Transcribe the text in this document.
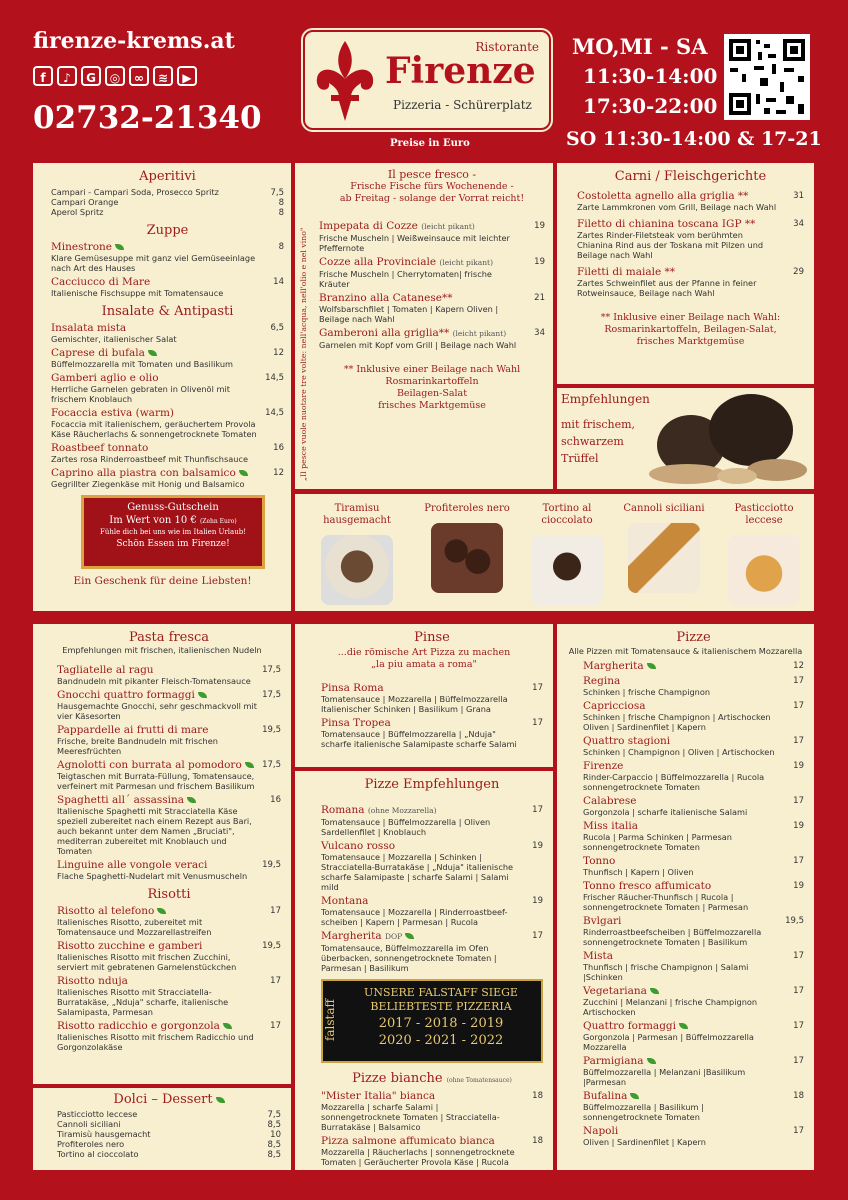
firenze-krems.at
f ♪ G ◎ ∞ ≋ ▶
02732-21340
Ristorante
Firenze
Pizzeria - Schürerplatz
Preise in Euro
MO,MI - SA
11:30-14:00
17:30-22:00
SO 11:30-14:00 & 17-21
Aperitivi
Campari - Campari Soda, Prosecco Spritz	7,5
Campari Orange	8
Aperol Spritz	8
Zuppe
Minestrone
Klare Gemüsesuppe mit ganz viel Gemüseeinlage nach Art des Hauses
8
Cacciucco di Mare
Italienische Fischsuppe mit Tomatensauce
14
Insalate & Antipasti
Insalata mista
Gemischter, italienischer Salat
6,5
Caprese di bufala
Büffelmozzarella mit Tomaten und Basilikum
12
Gamberi aglio e olio
Herrliche Garnelen gebraten in Olivenöl mit frischem Knoblauch
14,5
Focaccia estiva (warm)
Focaccia mit italienischem, geräuchertem Provola Käse Räucherlachs & sonnengetrocknete Tomaten
14,5
Roastbeef tonnato
Zartes rosa Rinderroastbeef mit Thunfischsauce
16
Caprino alla piastra con balsamico
Gegrillter Ziegenkäse mit Honig und Balsamico
12
Genuss-Gutschein
Im Wert von 10 € (Zehn Euro)
Fühle dich bei uns wie im Italien Urlaub!
Schön Essen im Firenze!
Ein Geschenk für deine Liebsten!
„Il pesce vuole nuotare tre volte: nell'acqua, nell'olio e nel vino"
Il pesce fresco -
Frische Fische fürs Wochenende -
ab Freitag - solange der Vorrat reicht!
Impepata di Cozze (leicht pikant)
Frische Muscheln | Weißweinsauce mit leichter Pfeffernote
19
Cozze alla Provinciale (leicht pikant)
Frische Muscheln | Cherrytomaten| frische Kräuter
19
Branzino alla Catanese**
Wolfsbarschfilet | Tomaten | Kapern Oliven | Beilage nach Wahl
21
Gamberoni alla griglia** (leicht pikant)
Garnelen mit Kopf vom Grill | Beilage nach Wahl
34
** Inklusive einer Beilage nach Wahl
Rosmarinkartoffeln
Beilagen-Salat
frisches Marktgemüse
Carni / Fleischgerichte
Costoletta agnello alla griglia **
Zarte Lammkronen vom Grill, Beilage nach Wahl
31
Filetto di chianina toscana IGP **
Zartes Rinder-Filetsteak vom berühmten Chianina Rind aus der Toskana mit Pilzen und Beilage nach Wahl
34
Filetti di maiale **
Zartes Schweinfilet aus der Pfanne in feiner Rotweinsauce, Beilage nach Wahl
29
** Inklusive einer Beilage nach Wahl:
Rosmarinkartoffeln, Beilagen-Salat,
frisches Marktgemüse
Empfehlungen
mit frischem,
schwarzem
Trüffel
Tiramisu hausgemacht
Profiteroles nero	Tortino al cioccolato
Cannoli siciliani	Pasticciotto leccese
Pasta fresca
Empfehlungen mit frischen, italienischen Nudeln
Tagliatelle al ragu
Bandnudeln mit pikanter Fleisch-Tomatensauce
17,5
Gnocchi quattro formaggi
Hausgemachte Gnocchi, sehr geschmackvoll mit vier Käsesorten
17,5
Pappardelle ai frutti di mare
Frische, breite Bandnudeln mit frischen Meeresfrüchten
19,5
Agnolotti con burrata al pomodoro
Teigtaschen mit Burrata-Füllung, Tomatensauce, verfeinert mit Parmesan und frischem Basilikum
17,5
Spaghetti all´ assassina
Italienische Spaghetti mit Stracciatella Käse speziell zubereitet nach einem Rezept aus Bari, auch bekannt unter dem Namen „Bruciati", mediterran zubereitet mit Knoblauch und Tomaten
16
Linguine alle vongole veraci
Flache Spaghetti-Nudelart mit Venusmuscheln
19,5
Risotti
Risotto al telefono
Italienisches Risotto, zubereitet mit Tomatensauce und Mozzarellastreifen
17
Risotto zucchine e gamberi
Italienisches Risotto mit frischen Zucchini, serviert mit gebratenen Garnelenstückchen
19,5
Risotto nduja
Italienisches Risotto mit Stracciatella-Burratakäse, „Nduja" scharfe, italienische Salamipasta, Parmesan
17
Risotto radicchio e gorgonzola
Italienisches Risotto mit frischem Radicchio und Gorgonzolakäse
17
Dolci – Dessert
Pasticciotto leccese	7,5
Cannoli siciliani	8,5
Tiramisù hausgemacht	10
Profiteroles nero	8,5
Tortino al cioccolato	8,5
Pinse
...die römische Art Pizza zu machen
„la piu amata a roma"
Pinsa Roma
Tomatensauce | Mozzarella | Büffelmozzarella Italienischer Schinken | Basilikum | Grana
17
Pinsa Tropea
Tomatensauce | Büffelmozzarella | „Nduja" scharfe italienische Salamipaste scharfe Salami
17
Pizze Empfehlungen
Romana (ohne Mozzarella)
Tomatensauce | Büffelmozzarella | Oliven Sardellenfilet | Knoblauch
17
Vulcano rosso
Tomatensauce | Mozzarella | Schinken | Stracciatella-Burratakäse | „Nduja" italienische scharfe Salamipaste | scharfe Salami | Salami mild
19
Montana
Tomatensauce | Mozzarella | Rinderroastbeef-scheiben | Kapern | Parmesan | Rucola
19
Margherita DOP
Tomatensauce, Büffelmozzarella im Ofen überbacken, sonnengetrocknete Tomaten | Parmesan | Basilikum
17
falstaff
UNSERE FALSTAFF SIEGE
BELIEBTESTE PIZZERIA
2017 - 2018 - 2019
2020 - 2021 - 2022
Pizze bianche (ohne Tomatensauce)
"Mister Italia" bianca
Mozzarella | scharfe Salami | sonnengetrocknete Tomaten | Stracciatella-Burratakäse | Balsamico
18
Pizza salmone affumicato bianca
Mozzarella | Räucherlachs | sonnengetrocknete Tomaten | Geräucherter Provola Käse | Rucola
18
Pizze
Alle Pizzen mit Tomatensauce & italienischem Mozzarella
Margherita	12
Regina
Schinken | frische Champignon
17
Capricciosa
Schinken | frische Champignon | Artischocken Oliven | Sardinenfilet | Kapern
17
Quattro stagioni
Schinken | Champignon | Oliven | Artischocken
17
Firenze
Rinder-Carpaccio | Büffelmozzarella | Rucola sonnengetrocknete Tomaten
19
Calabrese
Gorgonzola | scharfe italienische Salami
17
Miss italia
Rucola | Parma Schinken | Parmesan sonnengetrocknete Tomaten
19
Tonno
Thunfisch | Kapern | Oliven
17
Tonno fresco affumicato
Frischer Räucher-Thunfisch | Rucola | sonnengetrocknete Tomaten | Parmesan
19
Bvlgari
Rinderroastbeefscheiben | Büffelmozzarella sonnengetrocknete Tomaten | Basilikum
19,5
Mista
Thunfisch | frische Champignon | Salami |Schinken
17
Vegetariana
Zucchini | Melanzani | frische Champignon Artischocken
17
Quattro formaggi
Gorgonzola | Parmesan | Büffelmozzarella Mozzarella
17
Parmigiana
Büffelmozzarella | Melanzani |Basilikum |Parmesan
17
Bufalina
Büffelmozzarella | Basilikum | sonnengetrocknete Tomaten
18
Napoli
Oliven | Sardinenfilet | Kapern
17
